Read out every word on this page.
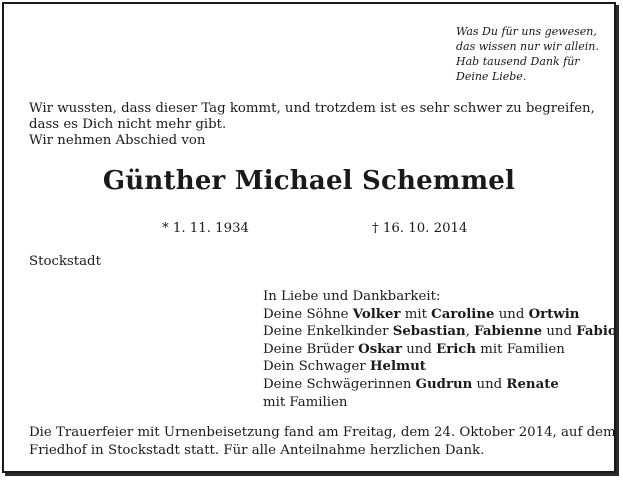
Was Du für uns gewesen,

das wissen nur wir allein.

Hab tausend Dank für

Deine Liebe.

Wir wussten, dass dieser Tag kommt, und trotzdem ist es sehr schwer zu begreifen,

dass es Dich nicht mehr gibt.

Wir nehmen Abschied von

Günther Michael Schemmel
* 1. 11. 1934	† 16. 10. 2014
Stockstadt

In Liebe und Dankbarkeit:

Deine Söhne Volker mit Caroline und Ortwin

Deine Enkelkinder Sebastian, Fabienne und Fabio

Deine Brüder Oskar und Erich mit Familien

Dein Schwager Helmut

Deine Schwägerinnen Gudrun und Renate

mit Familien

Die Trauerfeier mit Urnenbeisetzung fand am Freitag, dem 24. Oktober 2014, auf dem

Friedhof in Stockstadt statt. Für alle Anteilnahme herzlichen Dank.
